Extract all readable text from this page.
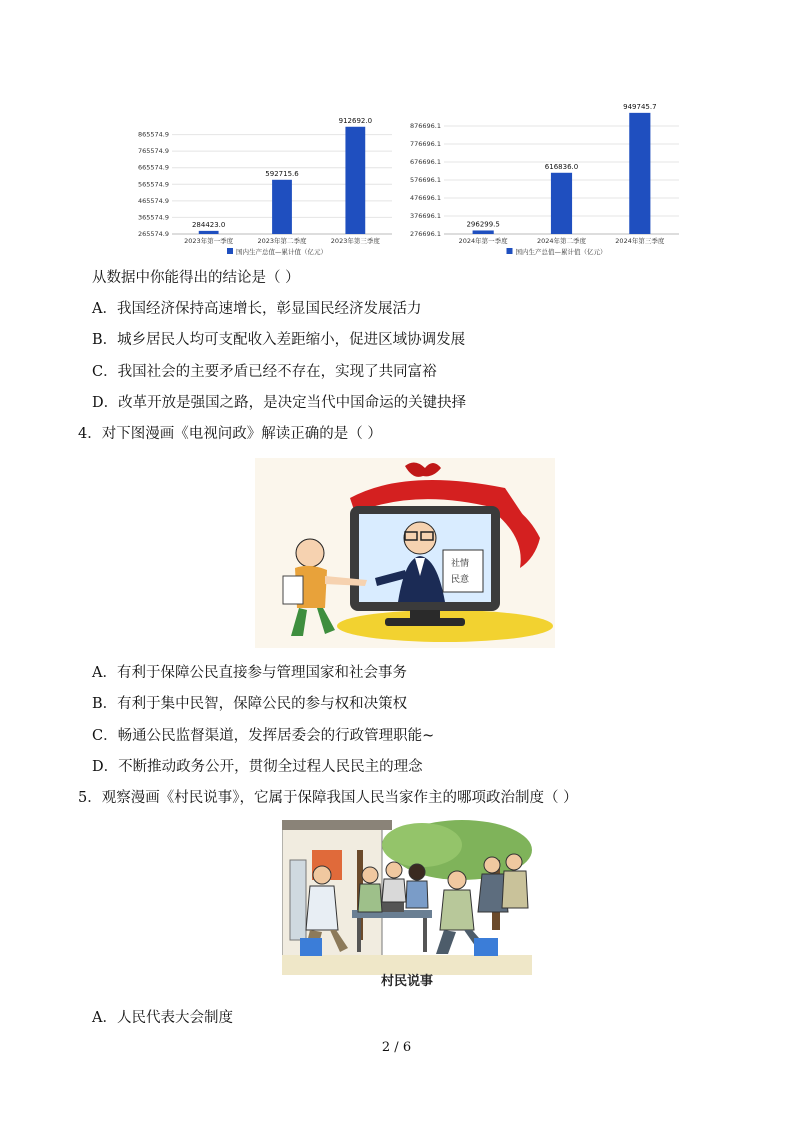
865574.9
765574.9
665574.9
565574.9
465574.9
365574.9
265574.9
284423.0
2023年第一季度
592715.6
2023年第二季度
912692.0
2023年第三季度
国内生产总值—累计值（亿元）
876696.1
776696.1
676696.1
576696.1
476696.1
376696.1
276696.1
296299.5
2024年第一季度
616836.0
2024年第二季度
949745.7
2024年第三季度
国内生产总值—累计值（亿元）
从数据中你能得出的结论是（ ）
A．我国经济保持高速增长，彰显国民经济发展活力
B．城乡居民人均可支配收入差距缩小，促进区域协调发展
C．我国社会的主要矛盾已经不存在，实现了共同富裕
D．改革开放是强国之路，是决定当代中国命运的关键抉择
4．对下图漫画《电视问政》解读正确的是（ ）
社情
民意
A．有利于保障公民直接参与管理国家和社会事务
B．有利于集中民智，保障公民的参与权和决策权
C．畅通公民监督渠道，发挥居委会的行政管理职能~
D．不断推动政务公开，贯彻全过程人民民主的理念
5．观察漫画《村民说事》，它属于保障我国人民当家作主的哪项政治制度（ ）
村民说事
A．人民代表大会制度
2 / 6
